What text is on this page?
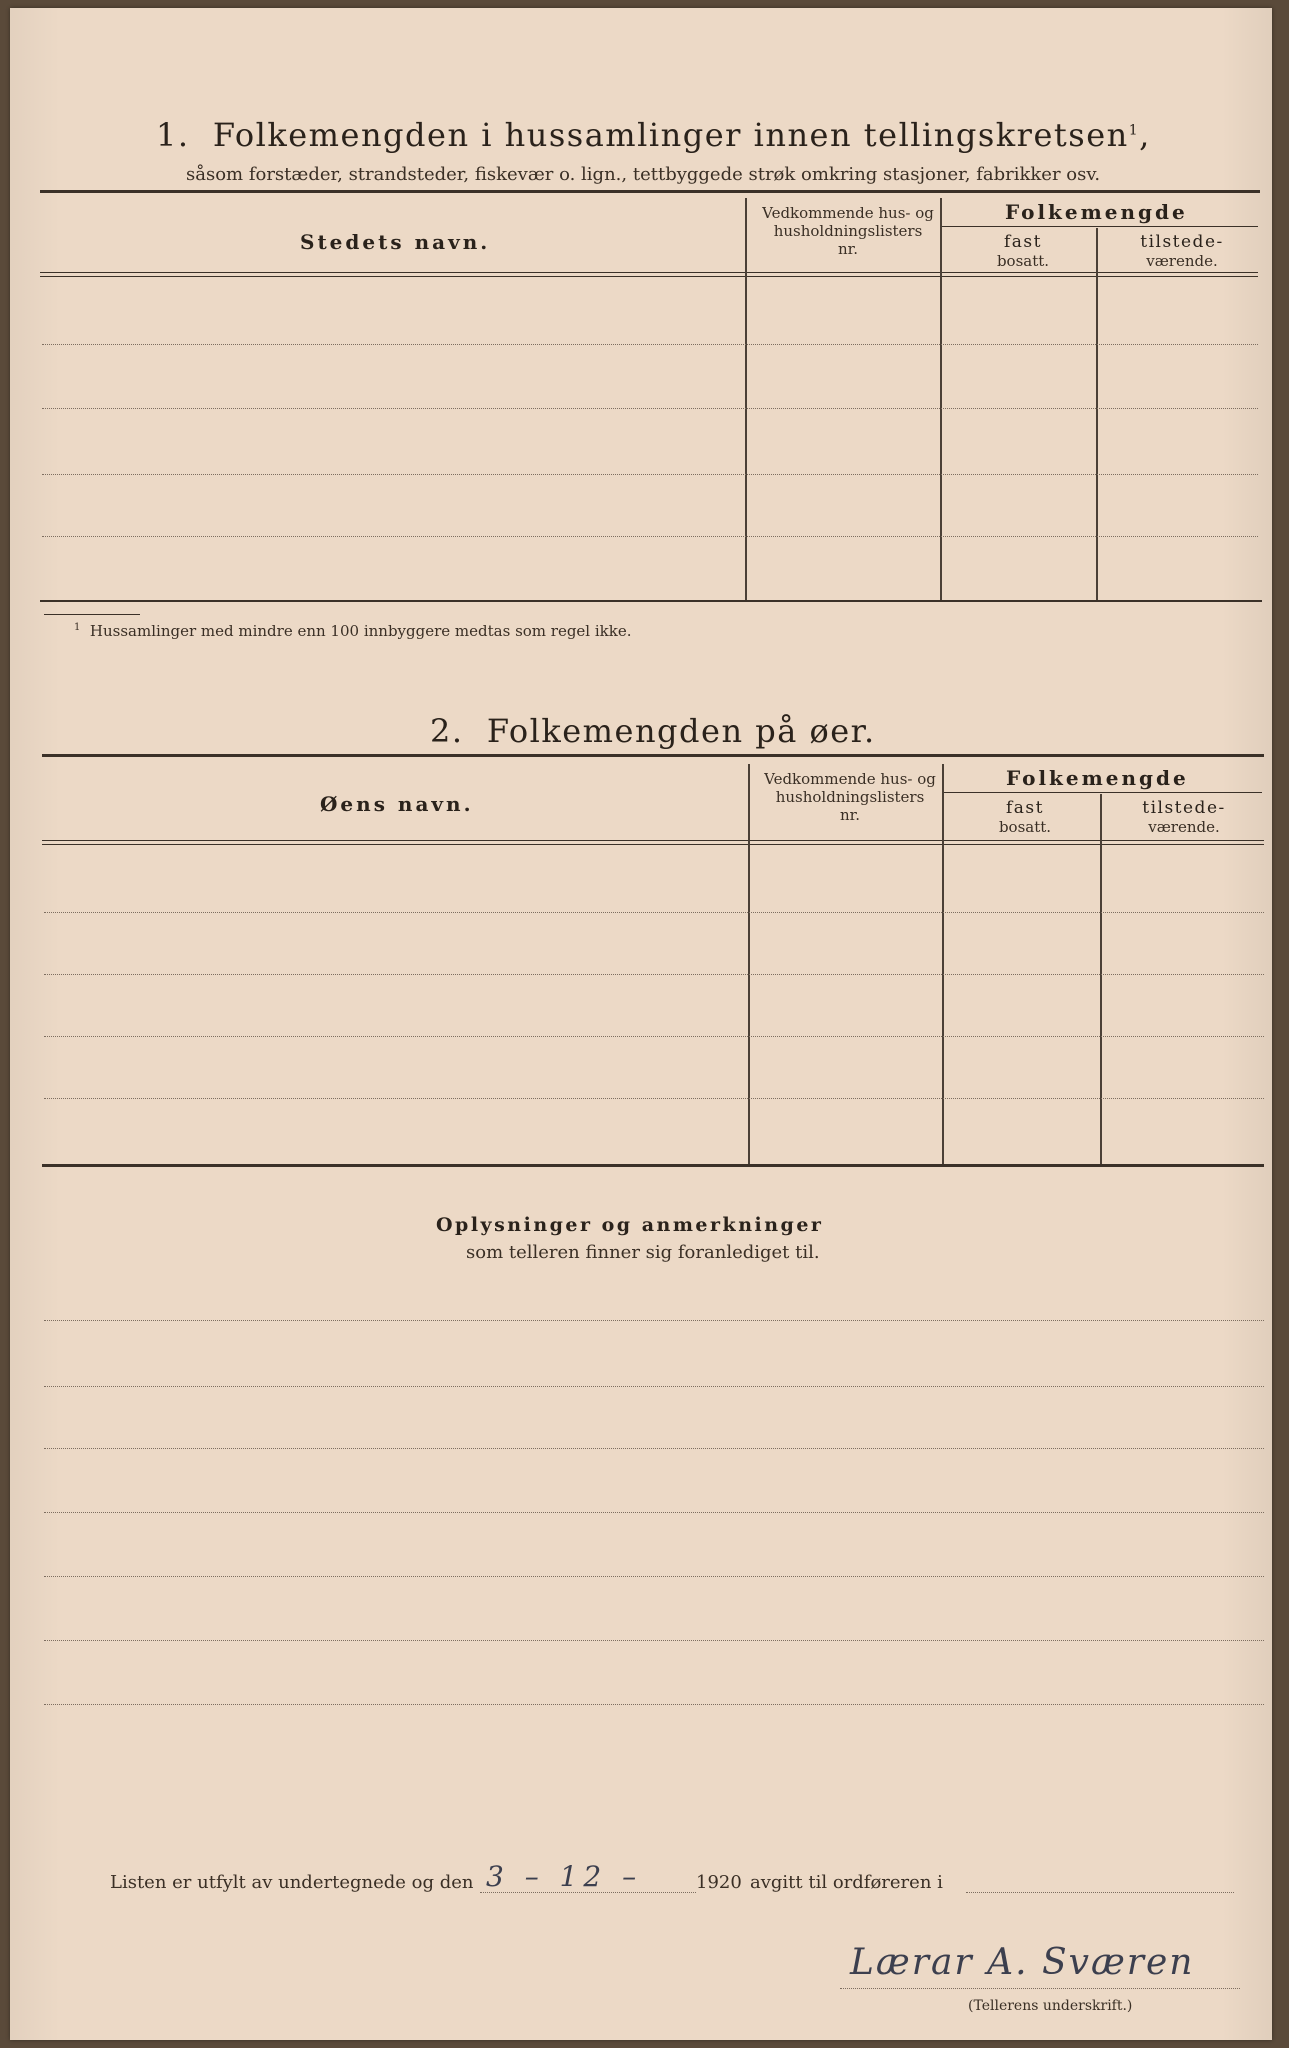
1. Folkemengden i hussamlinger innen tellingskretsen$^1$,
såsom forstæder, strandsteder, fiskevær o. lign., tettbyggede strøk omkring stasjoner, fabrikker osv.
Stedets navn.
Vedkommende hus- og
husholdningslisters
nr.
Folkemengde
fast
bosatt.
tilstede-
værende.
$^1$ Hussamlinger med mindre enn 100 innbyggere medtas som regel ikke.
2. Folkemengden på øer.
Øens navn.
Vedkommende hus- og
husholdningslisters
nr.
Folkemengde
fast
bosatt.
tilstede-
værende.
Oplysninger og anmerkninger
som telleren finner sig foranlediget til.
Listen er utfylt av undertegnede og den 3 – 12 –	1920 avgitt til ordføreren i
Lærar A. Sværen
(Tellerens underskrift.)
